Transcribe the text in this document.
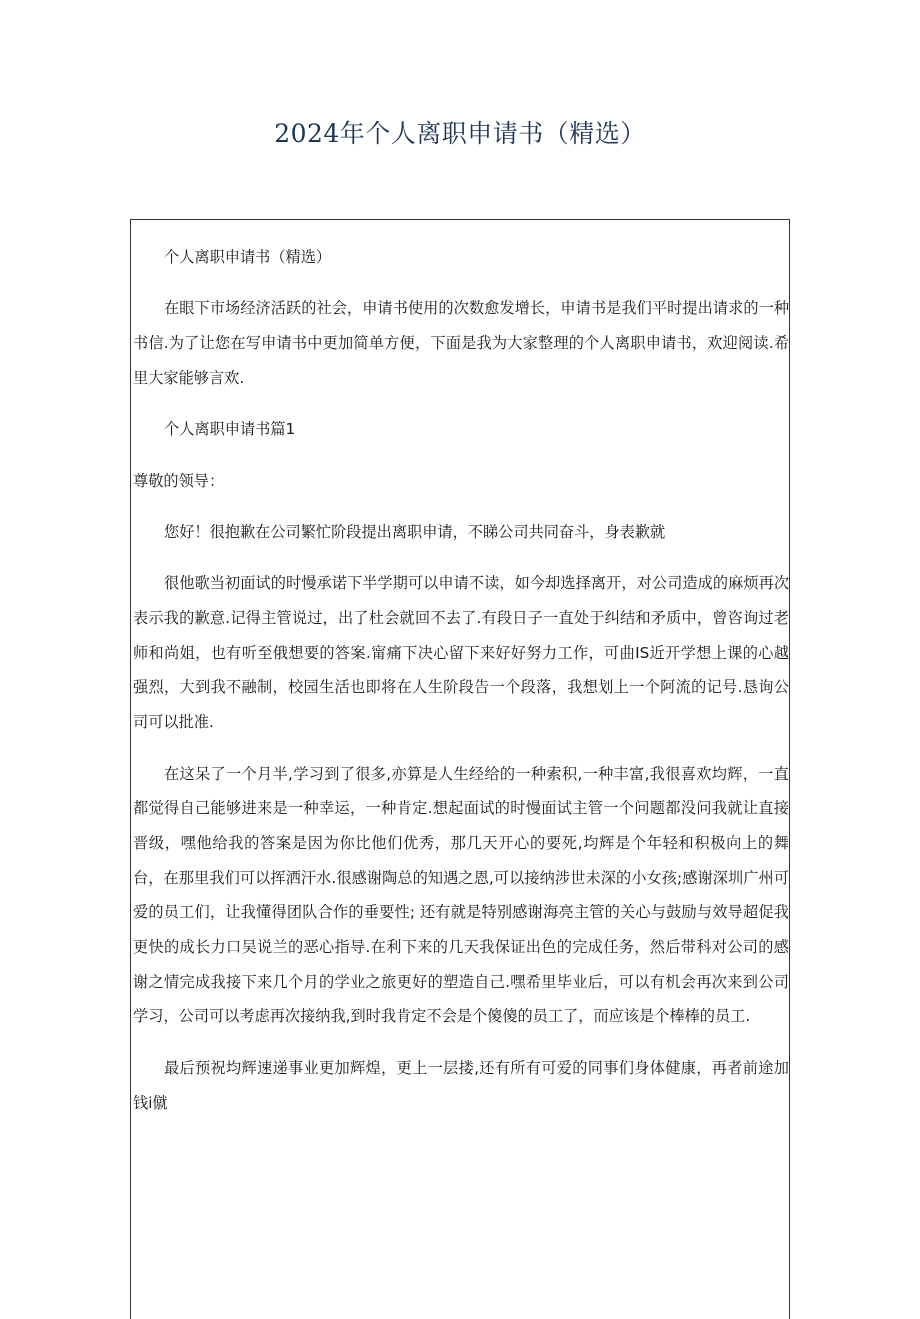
2024年个人离职申请书（精选）

个人离职申请书（精选）

在眼下市场经济活跃的社会，申请书使用的次数愈发增长，申请书是我们平时提出请求的一种书信.为了让您在写申请书中更加简单方便，下面是我为大家整理的个人离职申请书，欢迎阅读.希里大家能够言欢.

个人离职申请书篇1

尊敬的领导：

您好！很抱歉在公司繁忙阶段提出离职申请，不睇公司共同奋斗，身表歉就

很他歌当初面试的时慢承诺下半学期可以申请不读，如今却选择离开，对公司造成的麻烦再次表示我的歉意.记得主管说过，出了杜会就回不去了.有段日子一直处于纠结和矛质中，曾咨询过老师和尚姐，也有听至俄想要的答案.甯痛下决心留下来好好努力工作，可曲IS近开学想上课的心越强烈，大到我不融制，校园生活也即将在人生阶段告一个段落，我想划上一个阿流的记号.恳询公司可以批准.

在这呆了一个月半,学习到了很多,亦算是人生经给的一种索积,一种丰富,我很喜欢均辉，一直都觉得自己能够进来是一种幸运，一种肯定.想起面试的时慢面试主管一个问题都没问我就让直接晋级，嘿他给我的答案是因为你比他们优秀，那几天开心的要死,均辉是个年轻和积极向上的舞台，在那里我们可以挥洒汗水.很感谢陶总的知遇之恩,可以接纳涉世未深的小女孩;感谢深圳广州可爱的员工们，让我懂得团队合作的垂要性; 还有就是特别感谢海亮主管的关心与鼓励与效导超促我更快的成长力口吴说兰的恶心指导.在利下来的几天我保证出色的完成任务，然后带科对公司的感谢之情完成我接下来几个月的学业之旅更好的塑造自己.嘿希里毕业后，可以有机会再次来到公司学习，公司可以考虑再次接纳我,到时我肯定不会是个傻傻的员工了，而应该是个棒棒的员工.

最后预祝均辉速递事业更加辉煌，更上一层搂,还有所有可爱的同事们身体健康，再者前途加钱i僦
